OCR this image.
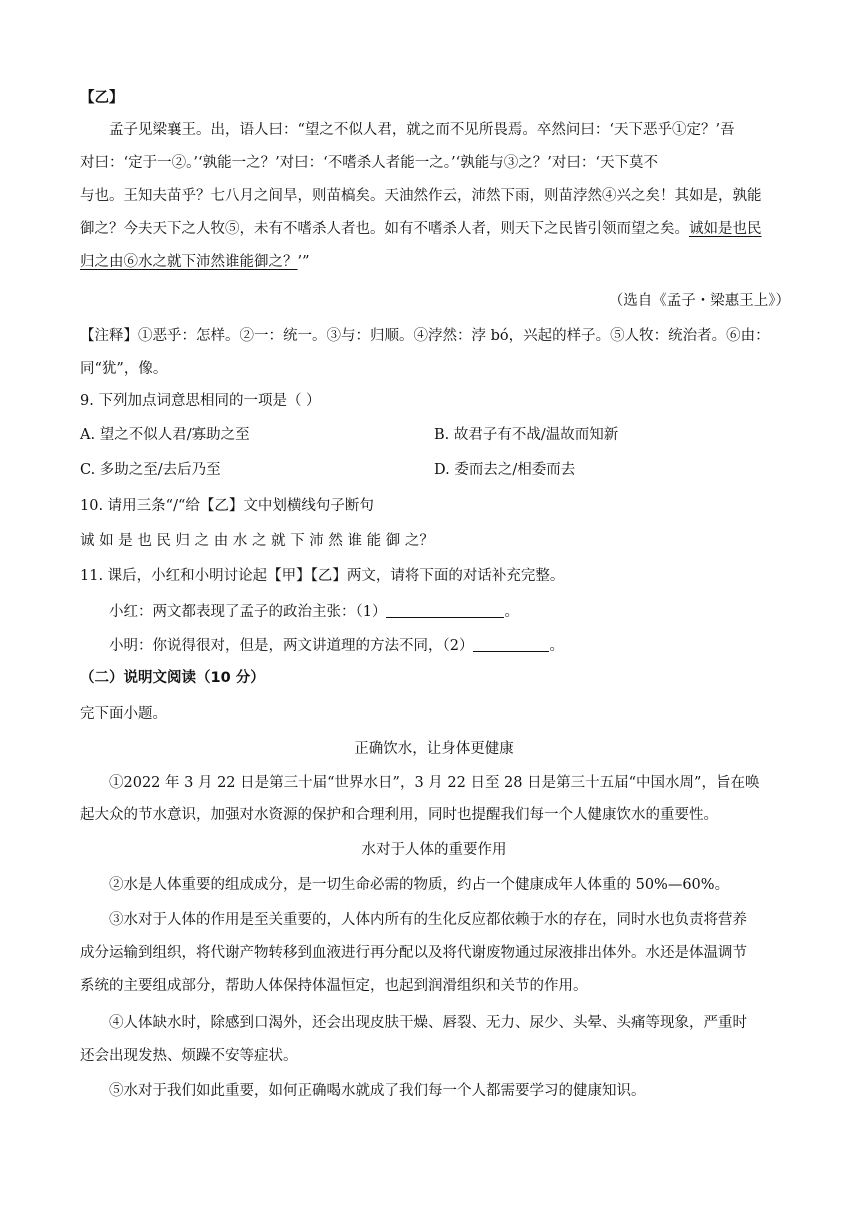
【乙】
孟子见梁襄王。出，语人曰：“望之不似人君，就之而不见所畏焉。卒然问曰：‘天下恶乎①定？’吾
对曰：‘定于一②。’‘孰能一之？’对曰：‘不嗜杀人者能一之。’‘孰能与③之？’对曰：‘天下莫不
与也。王知夫苗乎？七八月之间旱，则苗槁矣。天油然作云，沛然下雨，则苗浡然④兴之矣！其如是，孰能
御之？今夫天下之人牧⑤，未有不嗜杀人者也。如有不嗜杀人者，则天下之民皆引领而望之矣。诚如是也民
归之由⑥水之就下沛然谁能御之？’”
（选自《孟子・梁惠王上》）
【注释】①恶乎：怎样。②一：统一。③与：归顺。④浡然：浡 bó，兴起的样子。⑤人牧：统治者。⑥由：
同“犹”，像。
9. 下列加点词意思相同的一项是（ ）
A. 望之不似人君/寡助之至	B. 故君子有不战/温故而知新
C. 多助之至/去后乃至	D. 委而去之/相委而去
10. 请用三条“/“给【乙】文中划横线句子断句
诚 如 是 也 民 归 之 由 水 之 就 下 沛 然 谁 能 御 之？
11. 课后，小红和小明讨论起【甲】【乙】两文，请将下面的对话补充完整。
小红：两文都表现了孟子的政治主张：（1）	。
小明：你说得很对，但是，两文讲道理的方法不同，（2）	。
（二）说明文阅读（10 分）
完下面小题。
正确饮水，让身体更健康
①2022 年 3 月 22 日是第三十届“世界水日”，3 月 22 日至 28 日是第三十五届“中国水周”，旨在唤
起大众的节水意识，加强对水资源的保护和合理利用，同时也提醒我们每一个人健康饮水的重要性。
水对于人体的重要作用
②水是人体重要的组成成分，是一切生命必需的物质，约占一个健康成年人体重的 50%—60%。
③水对于人体的作用是至关重要的，人体内所有的生化反应都依赖于水的存在，同时水也负责将营养
成分运输到组织，将代谢产物转移到血液进行再分配以及将代谢废物通过尿液排出体外。水还是体温调节
系统的主要组成部分，帮助人体保持体温恒定，也起到润滑组织和关节的作用。
④人体缺水时，除感到口渴外，还会出现皮肤干燥、唇裂、无力、尿少、头晕、头痛等现象，严重时
还会出现发热、烦躁不安等症状。
⑤水对于我们如此重要，如何正确喝水就成了我们每一个人都需要学习的健康知识。
